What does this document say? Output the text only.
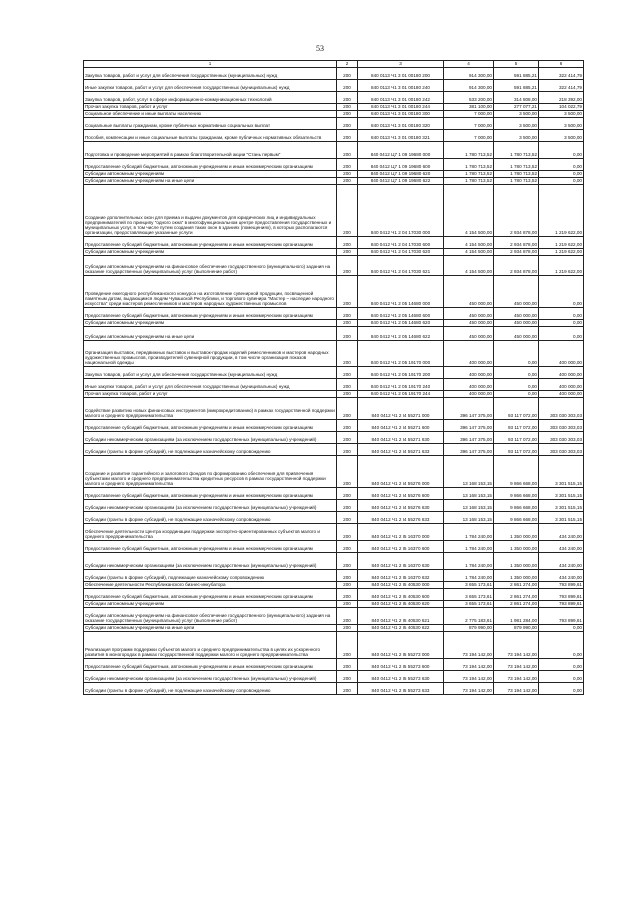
53
1	2	3	4	5	6
Закупка товаров, работ и услуг для обеспечения государственных (муниципальных) нужд	200	840 0113 Ч1 3 01 00180 200	914 300,00	591 885,21	322 414,79
Иные закупки товаров, работ и услуг для обеспечения государственных (муниципальных) нужд	200	840 0113 Ч1 3 01 00180 240	914 300,00	591 885,21	322 414,79
Закупка товаров, работ, услуг в сфере информационно-коммуникационных технологий	200	840 0113 Ч1 3 01 00180 242	533 200,00	314 808,00	218 392,00
Прочая закупка товаров, работ и услуг	200	840 0113 Ч1 3 01 00180 244	381 100,00	277 077,21	104 022,79
Социальное обеспечение и иные выплаты населению	200	840 0113 Ч1 3 01 00180 300	7 000,00	3 500,00	3 500,00
Социальные выплаты гражданам, кроме публичных нормативных социальных выплат	200	840 0113 Ч1 3 01 00180 320	7 000,00	3 500,00	3 500,00
Пособия, компенсации и иные социальные выплаты гражданам, кроме публичных нормативных обязательств	200	840 0113 Ч1 3 01 00180 321	7 000,00	3 500,00	3 500,00
Подготовка и проведение мероприятий в рамках благотворительной акции "Стань первым"	200	840 0412 Ц7 1 09 19680 000	1 780 713,52	1 780 713,52	0,00
Предоставление субсидий бюджетным, автономным учреждениям и иным некоммерческим организациям	200	840 0412 Ц7 1 09 19680 600	1 780 713,52	1 780 713,52	0,00
Субсидии автономным учреждениям	200	840 0412 Ц7 1 09 19680 620	1 780 713,52	1 780 713,52	0,00
Субсидии автономным учреждениям на иные цели	200	840 0412 Ц7 1 09 19680 622	1 780 713,52	1 780 713,52	0,00
Создание дополнительных окон для приема и выдачи документов для юридических лиц и индивидуальных предпринимателей по принципу "одного окна" в многофункциональном центре предоставления государственных и муниципальных услуг, в том числе путем создания таких окон в зданиях (помещениях), в которых располагаются организации, предоставляющие указанные услуги	200	840 0412 Ч1 2 04 17030 000	4 154 500,00	2 934 878,00	1 219 622,00
Предоставление субсидий бюджетным, автономным учреждениям и иным некоммерческим организациям	200	840 0412 Ч1 2 04 17030 600	4 154 500,00	2 934 878,00	1 219 622,00
Субсидии автономным учреждениям	200	840 0412 Ч1 2 04 17030 620	4 154 500,00	2 934 878,00	1 219 622,00
Субсидии автономным учреждениям на финансовое обеспечение государственного (муниципального) задания на оказание государственных (муниципальных) услуг (выполнение работ)	200	840 0412 Ч1 2 04 17030 621	4 154 500,00	2 934 878,00	1 219 622,00
Проведение ежегодного республиканского конкурса на изготовление сувенирной продукции, посвященной памятным датам, выдающимся людям Чувашской Республики, и торгового сувенира "Мастер – наследие народного искусства" среди мастеров ремесленников и мастеров народных художественных промыслов	200	840 0412 Ч1 2 05 14680 000	450 000,00	450 000,00	0,00
Предоставление субсидий бюджетным, автономным учреждениям и иным некоммерческим организациям	200	840 0412 Ч1 2 05 14680 600	450 000,00	450 000,00	0,00
Субсидии автономным учреждениям	200	840 0412 Ч1 2 05 14680 620	450 000,00	450 000,00	0,00
Субсидии автономным учреждениям на иные цели	200	840 0412 Ч1 2 05 14680 622	450 000,00	450 000,00	0,00
Организация выставок, передвижных выставок и выставок-продаж изделий ремесленников и мастеров народных художественных промыслов, производителей сувенирной продукции, в том числе организация показов национальной одежды	200	840 0412 Ч1 2 05 19170 000	400 000,00	0,00	400 000,00
Закупка товаров, работ и услуг для обеспечения государственных (муниципальных) нужд	200	840 0412 Ч1 2 05 19170 200	400 000,00	0,00	400 000,00
Иные закупки товаров, работ и услуг для обеспечения государственных (муниципальных) нужд	200	840 0412 Ч1 2 05 19170 240	400 000,00	0,00	400 000,00
Прочая закупка товаров, работ и услуг	200	840 0412 Ч1 2 05 19170 244	400 000,00	0,00	400 000,00
Содействие развитию новых финансовых инструментов (микрокредитованию) в рамках государственной поддержки малого и среднего предпринимательства	200	840 0412 Ч1 2 I4 55271 000	396 147 375,00	93 117 072,00	303 030 303,03
Предоставление субсидий бюджетным, автономным учреждениям и иным некоммерческим организациям	200	840 0412 Ч1 2 I4 55271 600	396 147 375,00	93 117 072,00	303 030 303,03
Субсидии некоммерческим организациям (за исключением государственных (муниципальных) учреждений)	200	840 0412 Ч1 2 I4 55271 630	396 147 375,00	93 117 072,00	303 030 303,03
Субсидии (гранты в форме субсидий), не подлежащие казначейскому сопровождению	200	840 0412 Ч1 2 I4 55271 633	396 147 375,00	93 117 072,00	303 030 303,03
Создание и развитие гарантийного и залогового фондов по формированию обеспечения для привлечения субъектами малого и среднего предпринимательства кредитных ресурсов в рамках государственной поддержки малого и среднего предпринимательства	200	840 0412 Ч1 2 I4 55276 000	13 168 153,15	9 866 668,00	3 301 515,15
Предоставление субсидий бюджетным, автономным учреждениям и иным некоммерческим организациям	200	840 0412 Ч1 2 I4 55276 600	13 168 153,15	9 866 668,00	3 301 515,15
Субсидии некоммерческим организациям (за исключением государственных (муниципальных) учреждений)	200	840 0412 Ч1 2 I4 55276 630	13 168 153,15	9 866 668,00	3 301 515,15
Субсидии (гранты в форме субсидий), не подлежащие казначейскому сопровождению	200	840 0412 Ч1 2 I4 55276 633	13 168 153,15	9 866 668,00	3 301 515,15
Обеспечение деятельности Центра координации поддержки экспортно-ориентированных субъектов малого и среднего предпринимательства	200	840 0412 Ч1 2 I5 16370 000	1 784 240,00	1 350 000,00	434 240,00
Предоставление субсидий бюджетным, автономным учреждениям и иным некоммерческим организациям	200	840 0412 Ч1 2 I5 16370 600	1 784 240,00	1 350 000,00	434 240,00
Субсидии некоммерческим организациям (за исключением государственных (муниципальных) учреждений)	200	840 0412 Ч1 2 I5 16370 630	1 784 240,00	1 350 000,00	434 240,00
Субсидии (гранты в форме субсидий), подлежащие казначейскому сопровождению	200	840 0412 Ч1 2 I5 16370 632	1 784 240,00	1 350 000,00	434 240,00
Обеспечение деятельности Республиканского бизнес-инкубатора	200	840 0412 Ч1 2 I5 40530 000	3 655 173,61	2 861 274,00	793 899,61
Предоставление субсидий бюджетным, автономным учреждениям и иным некоммерческим организациям	200	840 0412 Ч1 2 I5 40530 600	3 655 173,61	2 861 274,00	793 899,61
Субсидии автономным учреждениям	200	840 0412 Ч1 2 I5 40530 620	3 655 173,61	2 861 274,00	793 899,61
Субсидии автономным учреждениям на финансовое обеспечение государственного (муниципального) задания на оказание государственных (муниципальных) услуг (выполнение работ)	200	840 0412 Ч1 2 I5 40530 621	2 775 183,61	1 981 284,00	793 899,61
Субсидии автономным учреждениям на иные цели	200	840 0412 Ч1 2 I5 40530 622	879 990,00	879 990,00	0,00
Реализация программ поддержки субъектов малого и среднего предпринимательства в целях их ускоренного развития в моногородах в рамках государственной поддержки малого и среднего предпринимательства	200	840 0412 Ч1 2 I5 55273 000	73 194 142,00	73 194 142,00	0,00
Предоставление субсидий бюджетным, автономным учреждениям и иным некоммерческим организациям	200	840 0412 Ч1 2 I5 55273 600	73 194 142,00	73 194 142,00	0,00
Субсидии некоммерческим организациям (за исключением государственных (муниципальных) учреждений)	200	840 0412 Ч1 2 I5 55273 630	73 194 142,00	73 194 142,00	0,00
Субсидии (гранты в форме субсидий), не подлежащие казначейскому сопровождению	200	840 0412 Ч1 2 I5 55273 633	73 194 142,00	73 194 142,00	0,00
